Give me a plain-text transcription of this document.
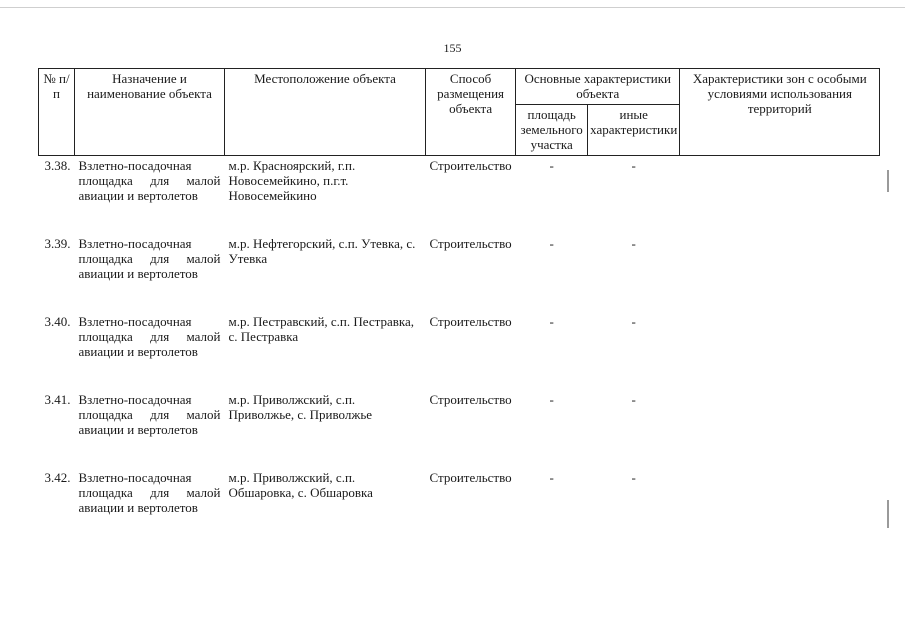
155
№ п/п	Назначение и наименование объекта	Местоположение объекта	Способ размещения объекта	Основные характеристики объекта		Характеристики зон с особыми условиями использования территорий
				площадь земельного участка	иные характеристики	
3.38.	Взлетно-посадочная площадка для малой авиации и вертолетов	м.р. Красноярский, г.п. Новосемейкино, п.г.т. Новосемейкино	Строительство	-	-	
3.39.	Взлетно-посадочная площадка для малой авиации и вертолетов	м.р. Нефтегорский, с.п. Утевка, с. Утевка	Строительство	-	-	
3.40.	Взлетно-посадочная площадка для малой авиации и вертолетов	м.р. Пестравский, с.п. Пестравка, с. Пестравка	Строительство	-	-	
3.41.	Взлетно-посадочная площадка для малой авиации и вертолетов	м.р. Приволжский, с.п. Приволжье, с. Приволжье	Строительство	-	-	
3.42.	Взлетно-посадочная площадка для малой авиации и вертолетов	м.р. Приволжский, с.п. Обшаровка, с. Обшаровка	Строительство	-	-	
